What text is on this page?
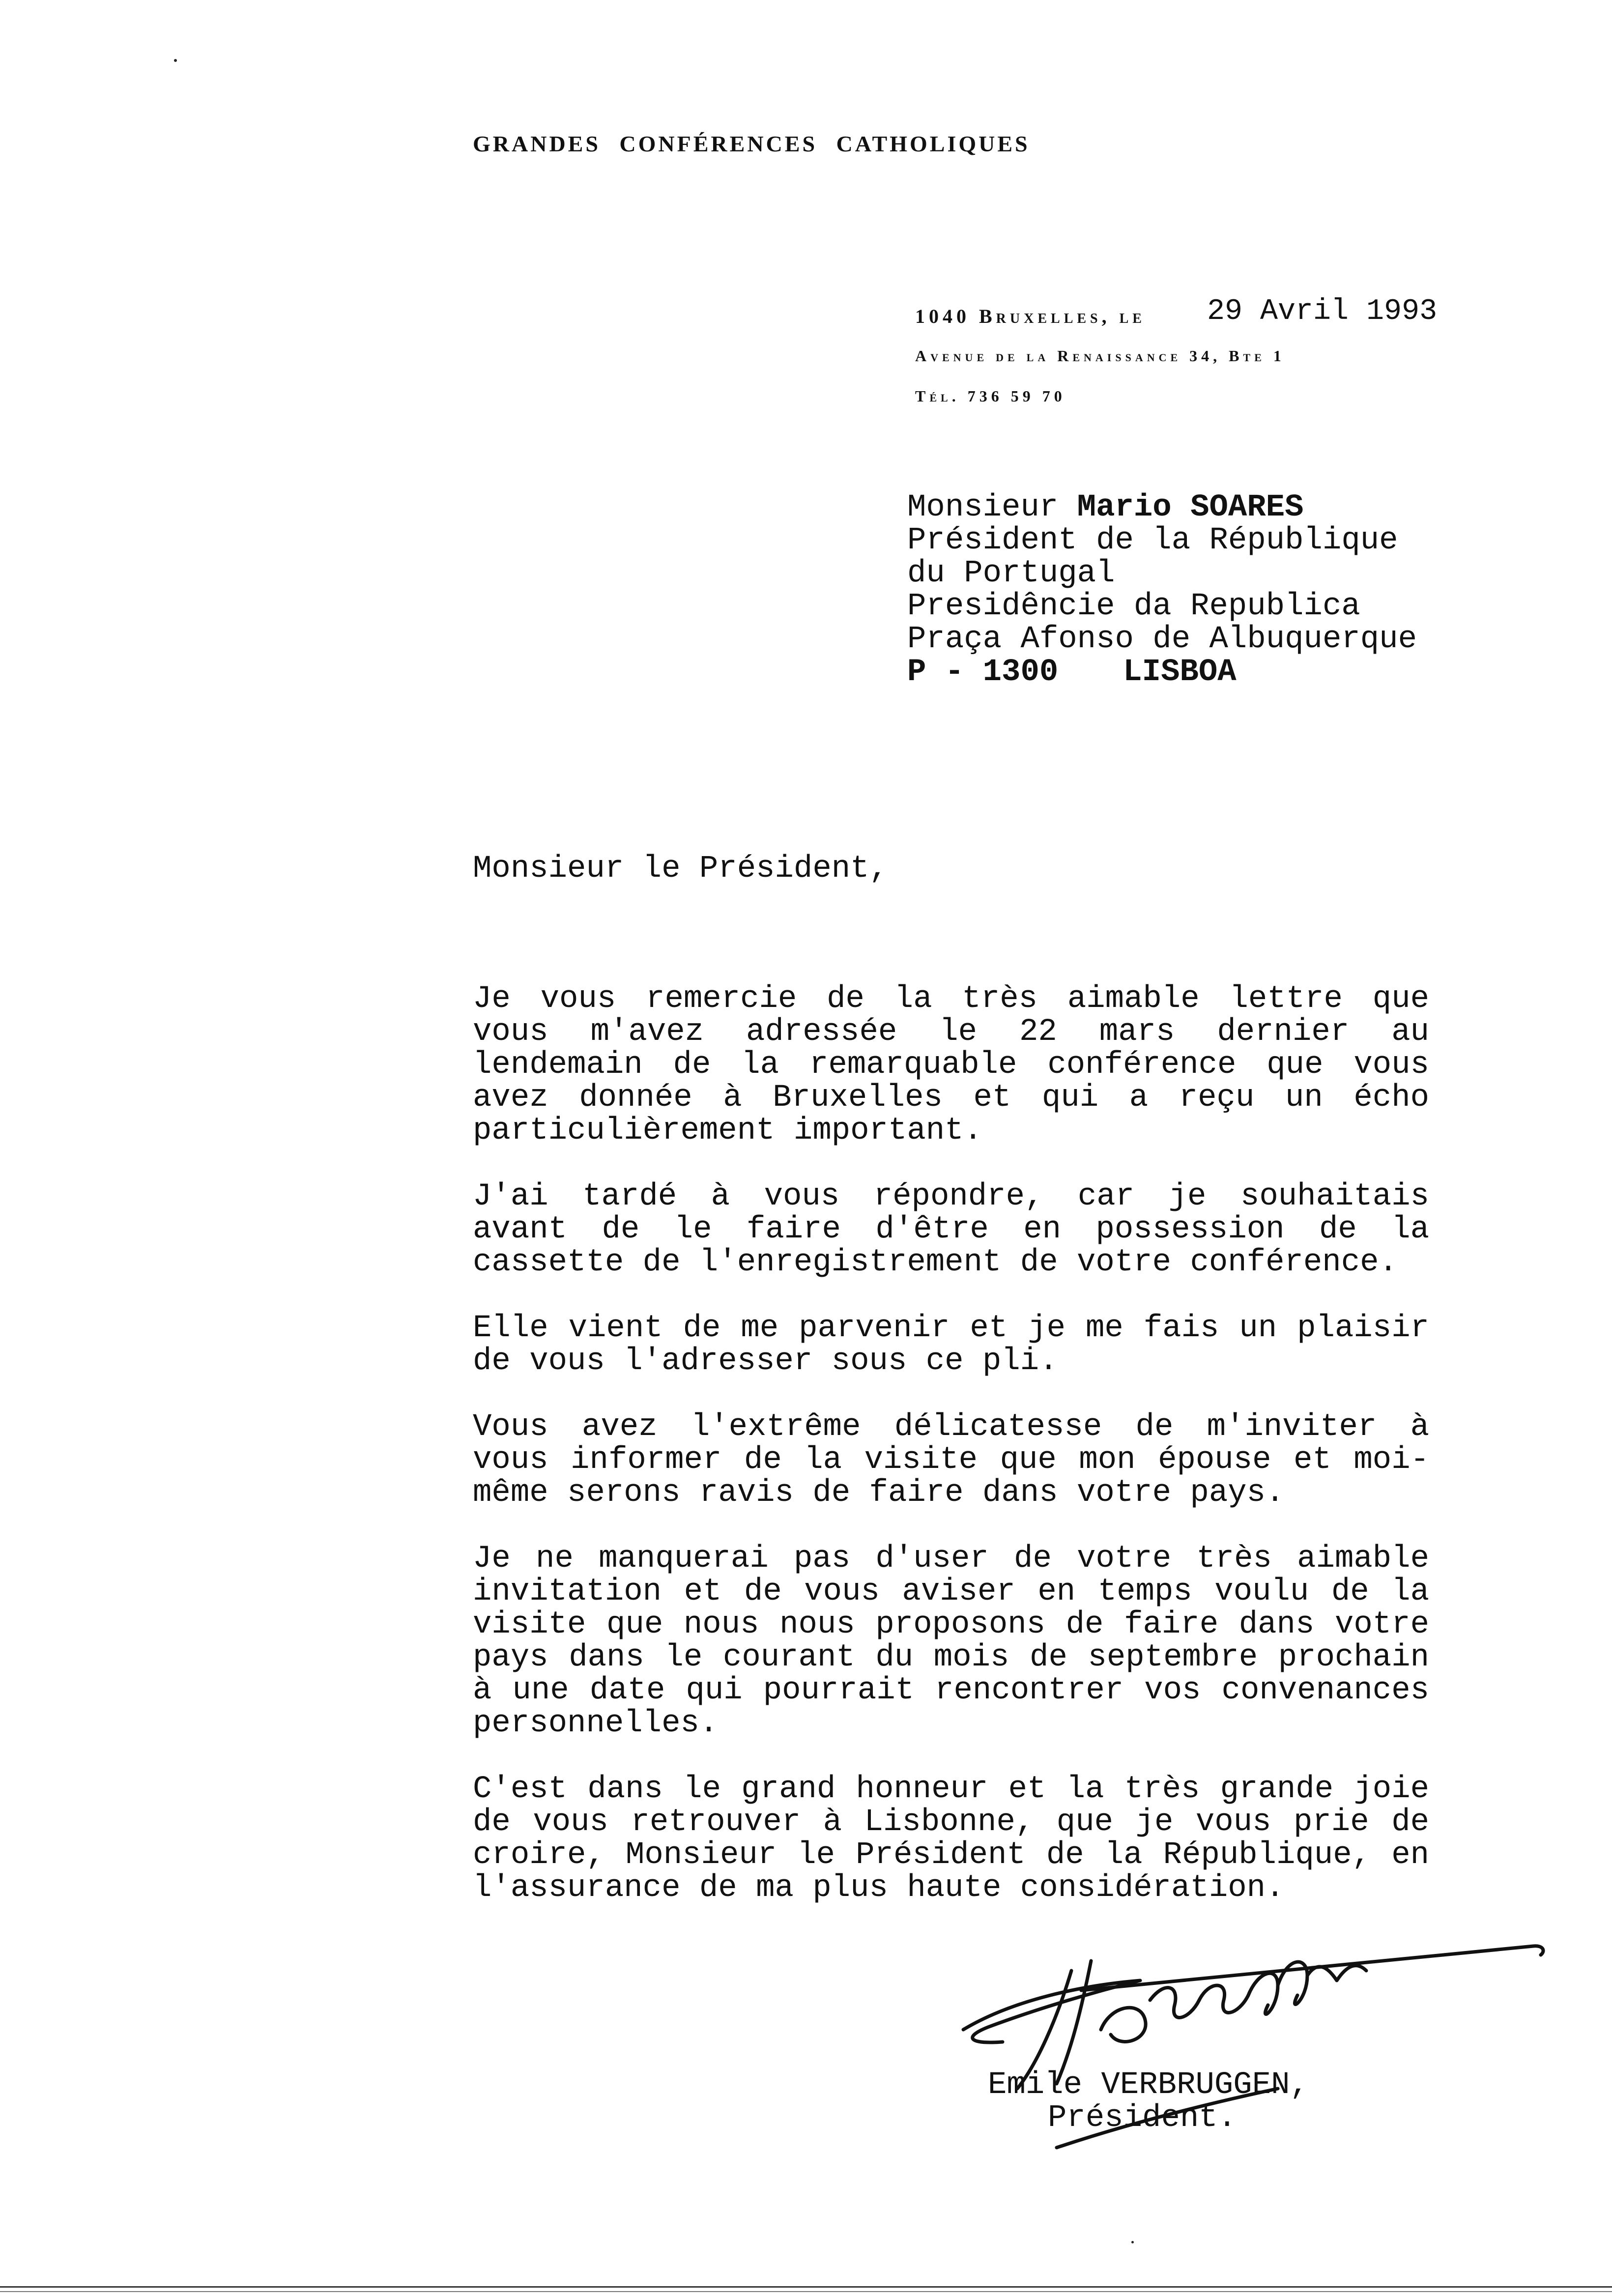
GRANDES CONFÉRENCES CATHOLIQUES
1040 Bruxelles, le 29 Avril 1993
Avenue de la Renaissance 34, Bte 1
Tél. 736 59 70
Monsieur Mario SOARES
Président de la République
du Portugal
Presidêncie da Republica
Praça Afonso de Albuquerque
P - 1300 LISBOA
Monsieur le Président,

Je vous remercie de la très aimable lettre que vous m'avez adressée le 22 mars dernier au lendemain de la remarquable conférence que vous avez donnée à Bruxelles et qui a reçu un écho particulièrement important.

J'ai tardé à vous répondre, car je souhaitais avant de le faire d'être en possession de la cassette de l'enregistrement de votre conférence.

Elle vient de me parvenir et je me fais un plaisir de vous l'adresser sous ce pli.

Vous avez l'extrême délicatesse de m'inviter à vous informer de la visite que mon épouse et moi-même serons ravis de faire dans votre pays.

Je ne manquerai pas d'user de votre très aimable invitation et de vous aviser en temps voulu de la visite que nous nous proposons de faire dans votre pays dans le courant du mois de septembre prochain à une date qui pourrait rencontrer vos convenances personnelles.

C'est dans le grand honneur et la très grande joie de vous retrouver à Lisbonne, que je vous prie de croire, Monsieur le Président de la République, en l'assurance de ma plus haute considération.

Emile VERBRUGGEN,
Président.
